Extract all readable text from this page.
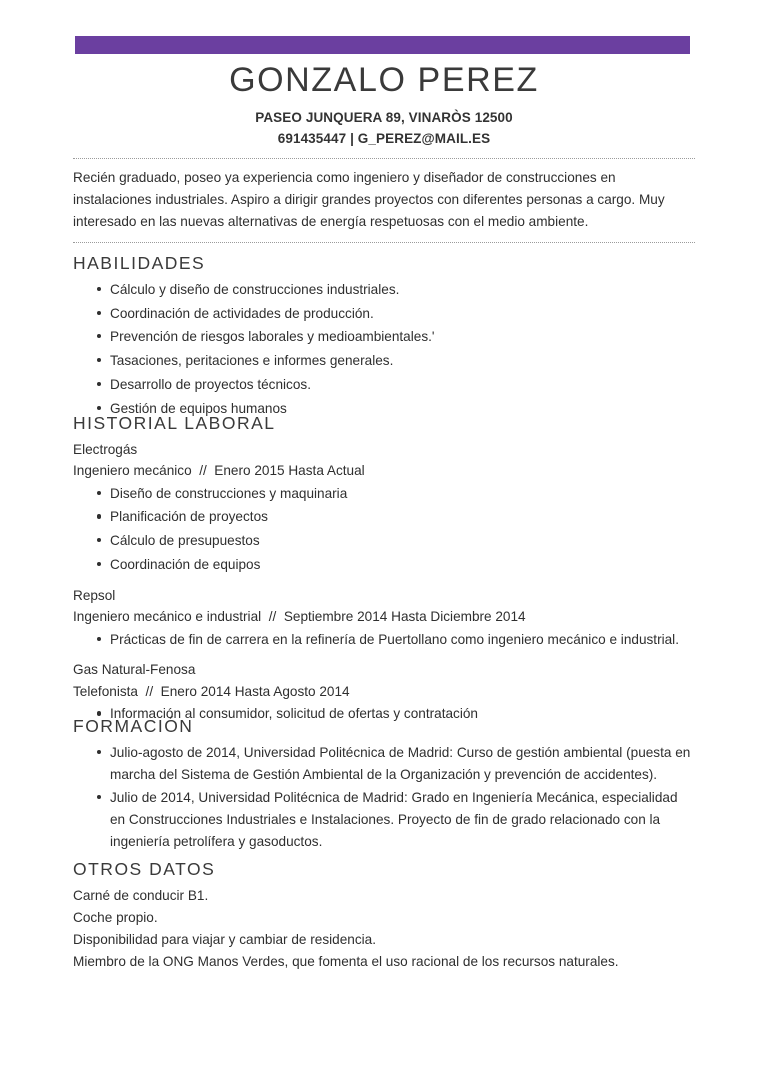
GONZALO PEREZ
PASEO JUNQUERA 89, VINARÒS 12500
691435447 | G_PEREZ@MAIL.ES
Recién graduado, poseo ya experiencia como ingeniero y diseñador de construcciones en instalaciones industriales. Aspiro a dirigir grandes proyectos con diferentes personas a cargo. Muy interesado en las nuevas alternativas de energía respetuosas con el medio ambiente.
HABILIDADES
Cálculo y diseño de construcciones industriales.
Coordinación de actividades de producción.
Prevención de riesgos laborales y medioambientales.'
Tasaciones, peritaciones e informes generales.
Desarrollo de proyectos técnicos.
Gestión de equipos humanos
HISTORIAL LABORAL

Electrogás

Ingeniero mecánico  //  Enero 2015 Hasta Actual

Diseño de construcciones y maquinaria
Planificación de proyectos
Cálculo de presupuestos
Coordinación de equipos

Repsol

Ingeniero mecánico e industrial  //  Septiembre 2014 Hasta Diciembre 2014

Prácticas de fin de carrera en la refinería de Puertollano como ingeniero mecánico e industrial.

Gas Natural-Fenosa

Telefonista  //  Enero 2014 Hasta Agosto 2014

Información al consumidor, solicitud de ofertas y contratación
FORMACIÓN
Julio-agosto de 2014, Universidad Politécnica de Madrid: Curso de gestión ambiental (puesta en marcha del Sistema de Gestión Ambiental de la Organización y prevención de accidentes).
Julio de 2014, Universidad Politécnica de Madrid: Grado en Ingeniería Mecánica, especialidad en Construcciones Industriales e Instalaciones. Proyecto de fin de grado relacionado con la ingeniería petrolífera y gasoductos.
OTROS DATOS

Carné de conducir B1.

Coche propio.

Disponibilidad para viajar y cambiar de residencia.

Miembro de la ONG Manos Verdes, que fomenta el uso racional de los recursos naturales.
